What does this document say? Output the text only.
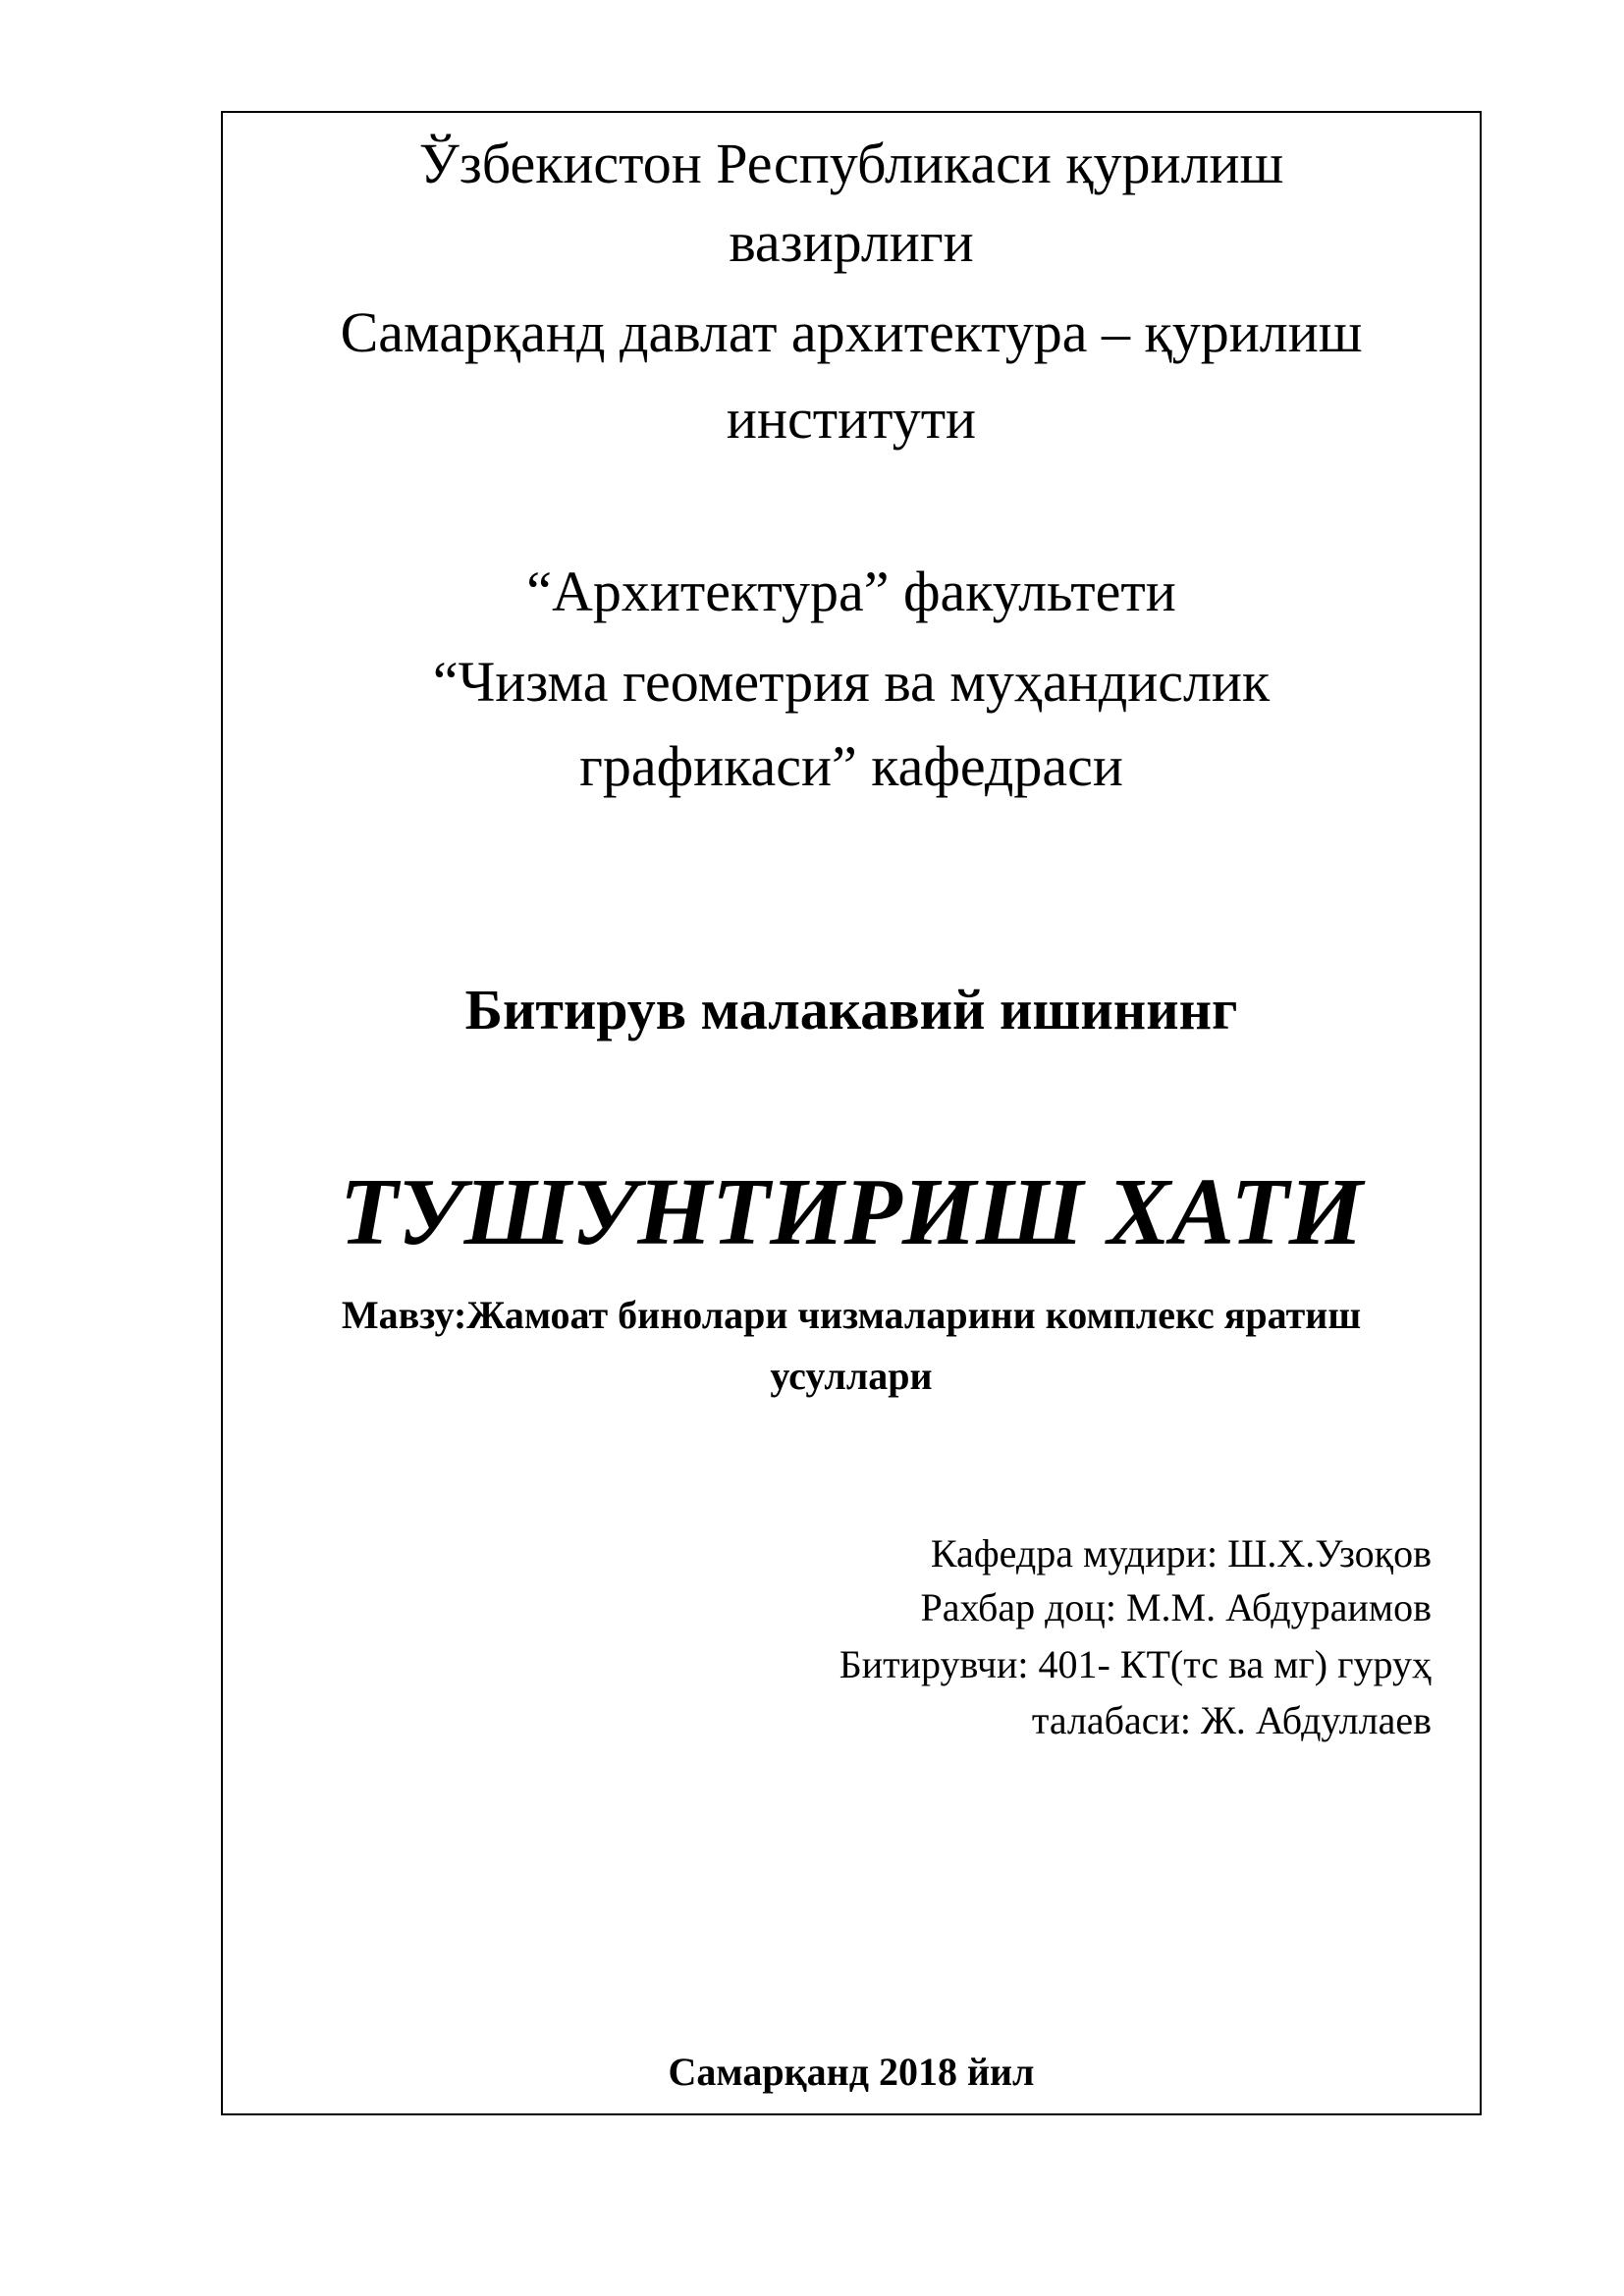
Ўзбекистон Республикаси қурилиш
вазирлиги
Самарқанд давлат архитектура – қурилиш
институти
“Архитектура” факультети
“Чизма геометрия ва муҳандислик
графикаси” кафедраси
Битирув малакавий ишининг
ТУШУНТИРИШ ХАТИ
Мавзу:Жамоат бинолари чизмаларини комплекс яратиш
усуллари
Кафедра мудири: Ш.Х.Узоқов
Рахбар доц: М.М. Абдураимов
Битирувчи: 401- КТ(тс ва мг) гуруҳ
талабаси: Ж. Абдуллаев
Самарқанд 2018 йил
